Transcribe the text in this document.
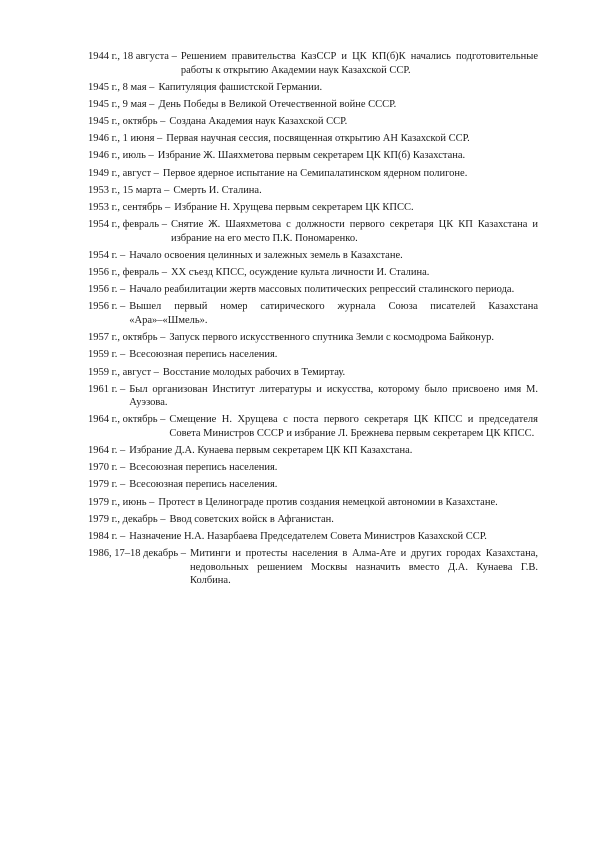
1944 г., 18 августа – Решением правительства КазССР и ЦК КП(б)К начались подготовительные работы к открытию Академии наук Казахской ССР.
1945 г., 8 мая – Капитуляция фашистской Германии.
1945 г., 9 мая – День Победы в Великой Отечественной войне СССР.
1945 г., октябрь – Создана Академия наук Казахской ССР.
1946 г., 1 июня – Первая научная сессия, посвященная открытию АН Казахской ССР.
1946 г., июль – Избрание Ж. Шаяхметова первым секретарем ЦК КП(б) Казахстана.
1949 г., август – Первое ядерное испытание на Семипалатинском ядерном полигоне.
1953 г., 15 марта – Смерть И. Сталина.
1953 г., сентябрь – Избрание Н. Хрущева первым секретарем ЦК КПСС.
1954 г., февраль – Снятие Ж. Шаяхметова с должности первого секретаря ЦК КП Казахстана и избрание на его место П.К. Пономаренко.
1954 г. – Начало освоения целинных и залежных земель в Казахстане.
1956 г., февраль – XX съезд КПСС, осуждение культа личности И. Сталина.
1956 г. – Начало реабилитации жертв массовых политических репрессий сталинского периода.
1956 г. – Вышел первый номер сатирического журнала Союза писателей Казахстана «Ара»–«Шмель».
1957 г., октябрь – Запуск первого искусственного спутника Земли с космодрома Байконур.
1959 г. – Всесоюзная перепись населения.
1959 г., август – Восстание молодых рабочих в Темиртау.
1961 г. – Был организован Институт литературы и искусства, которому было присвоено имя М. Ауэзова.
1964 г., октябрь – Смещение Н. Хрущева с поста первого секретаря ЦК КПСС и председателя Совета Министров СССР и избрание Л. Брежнева первым секретарем ЦК КПСС.
1964 г. – Избрание Д.А. Кунаева первым секретарем ЦК КП Казахстана.
1970 г. – Всесоюзная перепись населения.
1979 г. – Всесоюзная перепись населения.
1979 г., июнь – Протест в Целинограде против создания немецкой автономии в Казахстане.
1979 г., декабрь – Ввод советских войск в Афганистан.
1984 г. – Назначение Н.А. Назарбаева Председателем Совета Министров Казахской ССР.
1986, 17–18 декабрь – Митинги и протесты населения в Алма-Ате и других городах Казахстана, недовольных решением Москвы назначить вместо Д.А. Кунаева Г.В. Колбина.
